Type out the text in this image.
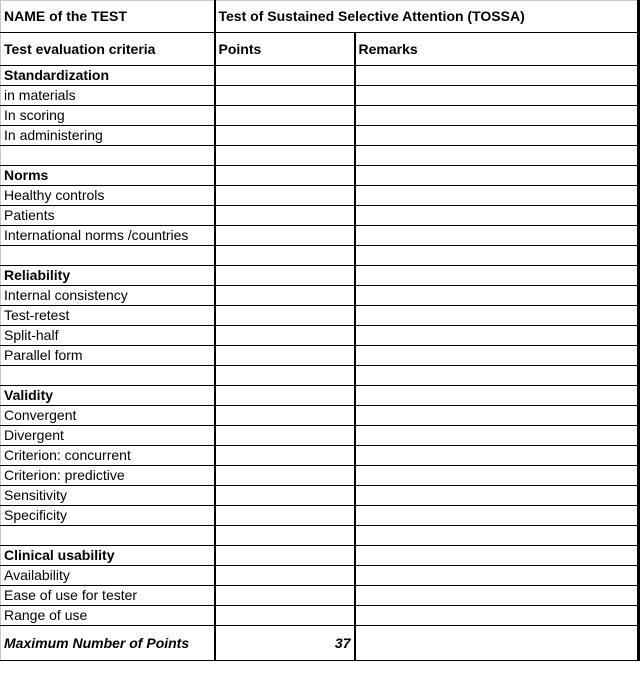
NAME of the TEST	Test of Sustained Selective Attention (TOSSA)	
Test evaluation criteria	Points	Remarks
Standardization		
in materials		
In scoring		
In administering		

Norms		
Healthy controls		
Patients		
International norms /countries		

Reliability		
Internal consistency		
Test-retest		
Split-half		
Parallel form		

Validity		
Convergent		
Divergent		
Criterion: concurrent		
Criterion: predictive		
Sensitivity		
Specificity		

Clinical usability		
Availability		
Ease of use for tester		
Range of use		
Maximum Number of Points	37	
